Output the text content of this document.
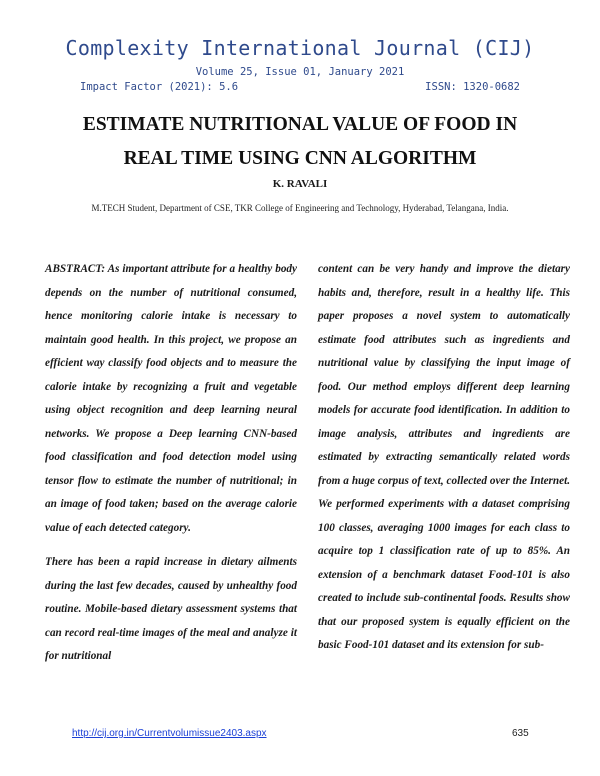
Complexity International Journal (CIJ)
Volume 25, Issue 01, January 2021
Impact Factor (2021): 5.6	ISSN: 1320-0682
ESTIMATE NUTRITIONAL VALUE OF FOOD IN
REAL TIME USING CNN ALGORITHM
K. RAVALI
M.TECH Student, Department of CSE, TKR College of Engineering and Technology, Hyderabad, Telangana, India.

ABSTRACT: As important attribute for a healthy body depends on the number of nutritional consumed, hence monitoring calorie intake is necessary to maintain good health. In this project, we propose an efficient way classify food objects and to measure the calorie intake by recognizing a fruit and vegetable using object recognition and deep learning neural networks. We propose a Deep learning CNN-based food classification and food detection model using tensor flow to estimate the number of nutritional; in an image of food taken; based on the average calorie value of each detected category.

There has been a rapid increase in dietary ailments during the last few decades, caused by unhealthy food routine. Mobile-based dietary assessment systems that can record real-time images of the meal and analyze it for nutritional

content can be very handy and improve the dietary habits and, therefore, result in a healthy life. This paper proposes a novel system to automatically estimate food attributes such as ingredients and nutritional value by classifying the input image of food. Our method employs different deep learning models for accurate food identification. In addition to image analysis, attributes and ingredients are estimated by extracting semantically related words from a huge corpus of text, collected over the Internet. We performed experiments with a dataset comprising 100 classes, averaging 1000 images for each class to acquire top 1 classification rate of up to 85%. An extension of a benchmark dataset Food-101 is also created to include sub-continental foods. Results show that our proposed system is equally efficient on the basic Food-101 dataset and its extension for sub-

http://cij.org.in/Currentvolumissue2403.aspx	635
